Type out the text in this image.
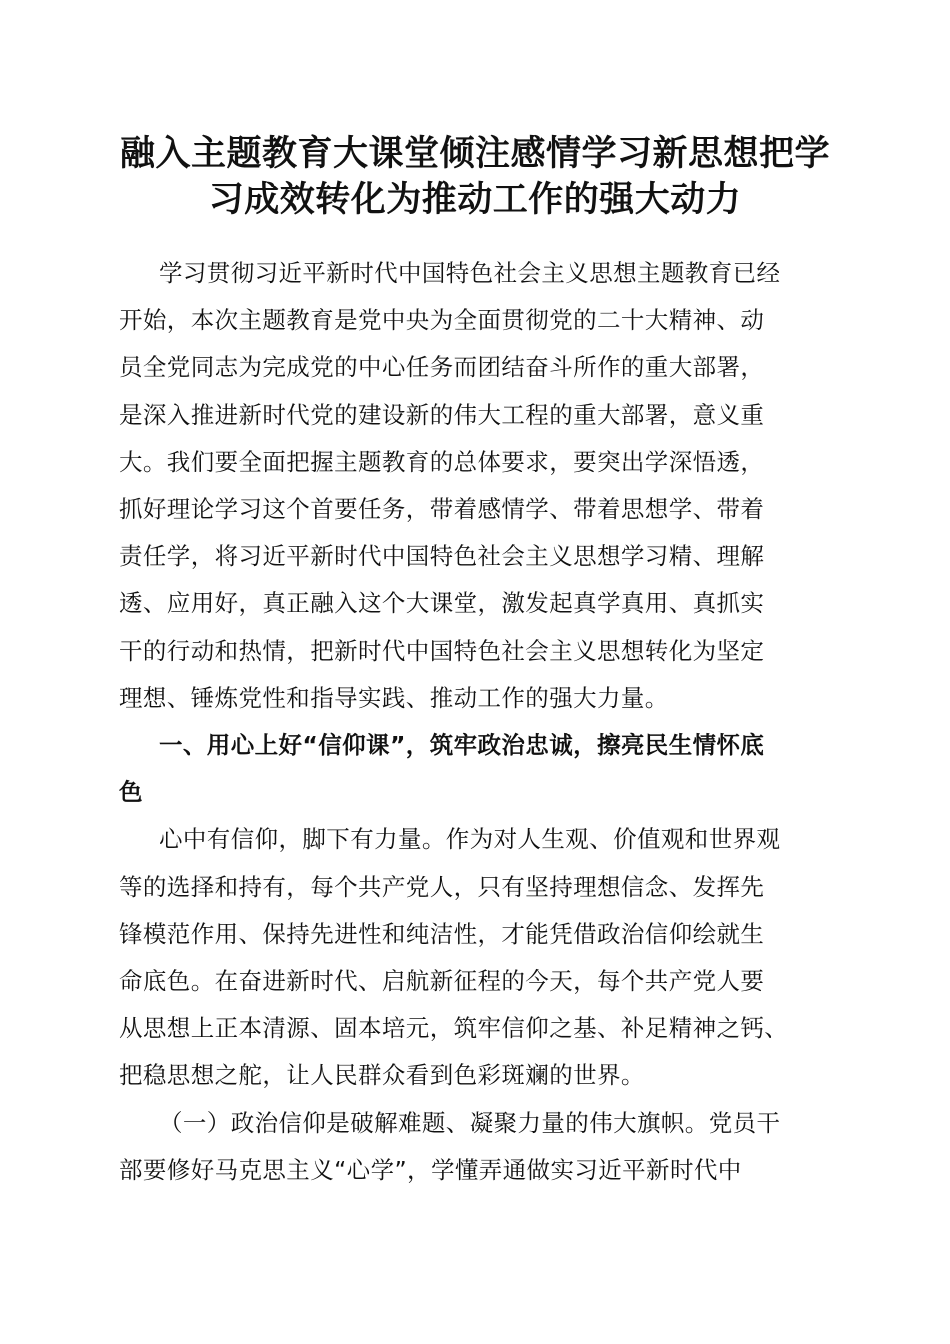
融入主题教育大课堂倾注感情学习新思想把学
习成效转化为推动工作的强大动力

学习贯彻习近平新时代中国特色社会主义思想主题教育已经
开始，本次主题教育是党中央为全面贯彻党的二十大精神、动
员全党同志为完成党的中心任务而团结奋斗所作的重大部署，
是深入推进新时代党的建设新的伟大工程的重大部署，意义重
大。我们要全面把握主题教育的总体要求，要突出学深悟透，
抓好理论学习这个首要任务，带着感情学、带着思想学、带着
责任学，将习近平新时代中国特色社会主义思想学习精、理解
透、应用好，真正融入这个大课堂，激发起真学真用、真抓实
干的行动和热情，把新时代中国特色社会主义思想转化为坚定
理想、锤炼党性和指导实践、推动工作的强大力量。

一、用心上好“信仰课”，筑牢政治忠诚，擦亮民生情怀底
色

心中有信仰，脚下有力量。作为对人生观、价值观和世界观
等的选择和持有，每个共产党人，只有坚持理想信念、发挥先
锋模范作用、保持先进性和纯洁性，才能凭借政治信仰绘就生
命底色。在奋进新时代、启航新征程的今天，每个共产党人要
从思想上正本清源、固本培元，筑牢信仰之基、补足精神之钙、
把稳思想之舵，让人民群众看到色彩斑斓的世界。

（一）政治信仰是破解难题、凝聚力量的伟大旗帜。党员干
部要修好马克思主义“心学”，学懂弄通做实习近平新时代中
